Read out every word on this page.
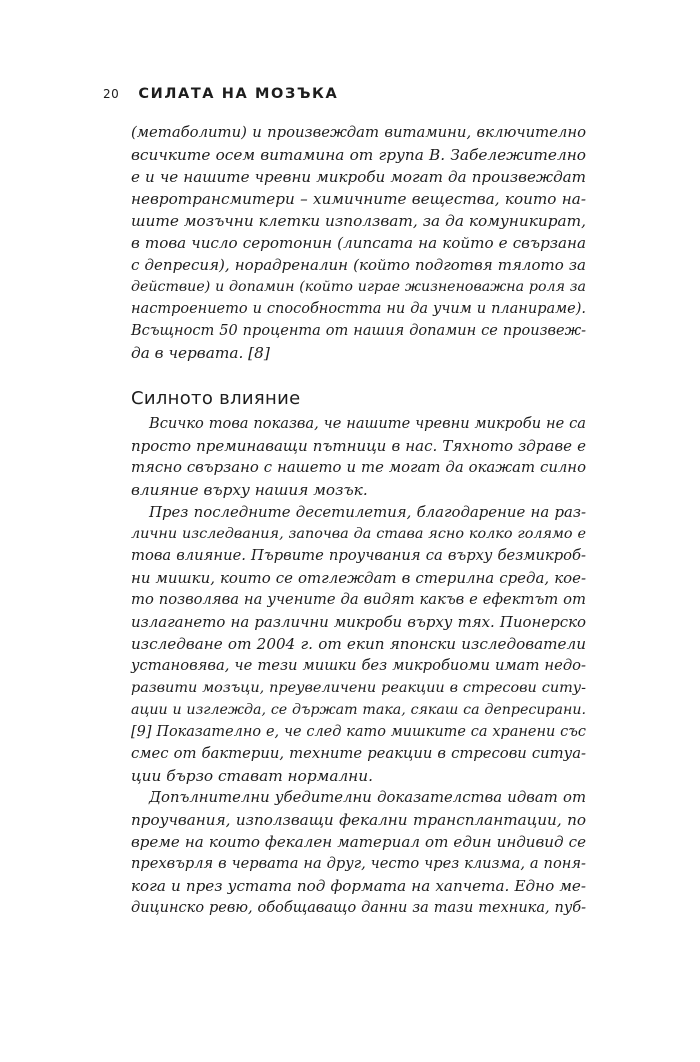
20 СИЛАТА НА МОЗЪКА
(метаболити) и произвеждат витамини, включително
всичките осем витамина от група B. Забележително
е и че нашите чревни микроби могат да произвеждат
невротрансмитери – химичните вещества, които на-
шите мозъчни клетки използват, за да комуникират,
в това число серотонин (липсата на който е свързана
с депресия), норадреналин (който подготвя тялото за
действие) и допамин (който играе жизненоважна роля за
настроението и способността ни да учим и планираме).
Всъщност 50 процента от нашия допамин се произвеж-
да в червата. [8]
Силното влияние
Всичко това показва, че нашите чревни микроби не са
просто преминаващи пътници в нас. Тяхното здраве е
тясно свързано с нашето и те могат да окажат силно
влияние върху нашия мозък.
През последните десетилетия, благодарение на раз-
лични изследвания, започва да става ясно колко голямо е
това влияние. Първите проучвания са върху безмикроб-
ни мишки, които се отглеждат в стерилна среда, кое-
то позволява на учените да видят какъв е ефектът от
излагането на различни микроби върху тях. Пионерско
изследване от 2004 г. от екип японски изследователи
установява, че тези мишки без микробиоми имат недо-
развити мозъци, преувеличени реакции в стресови ситу-
ации и изглежда, се държат така, сякаш са депресирани.
[9] Показателно е, че след като мишките са хранени със
смес от бактерии, техните реакции в стресови ситуа-
ции бързо стават нормални.
Допълнителни убедителни доказателства идват от
проучвания, използващи фекални трансплантации, по
време на които фекален материал от един индивид се
прехвърля в червата на друг, често чрез клизма, а поня-
кога и през устата под формата на хапчета. Едно ме-
дицинско ревю, обобщаващо данни за тази техника, пуб-
